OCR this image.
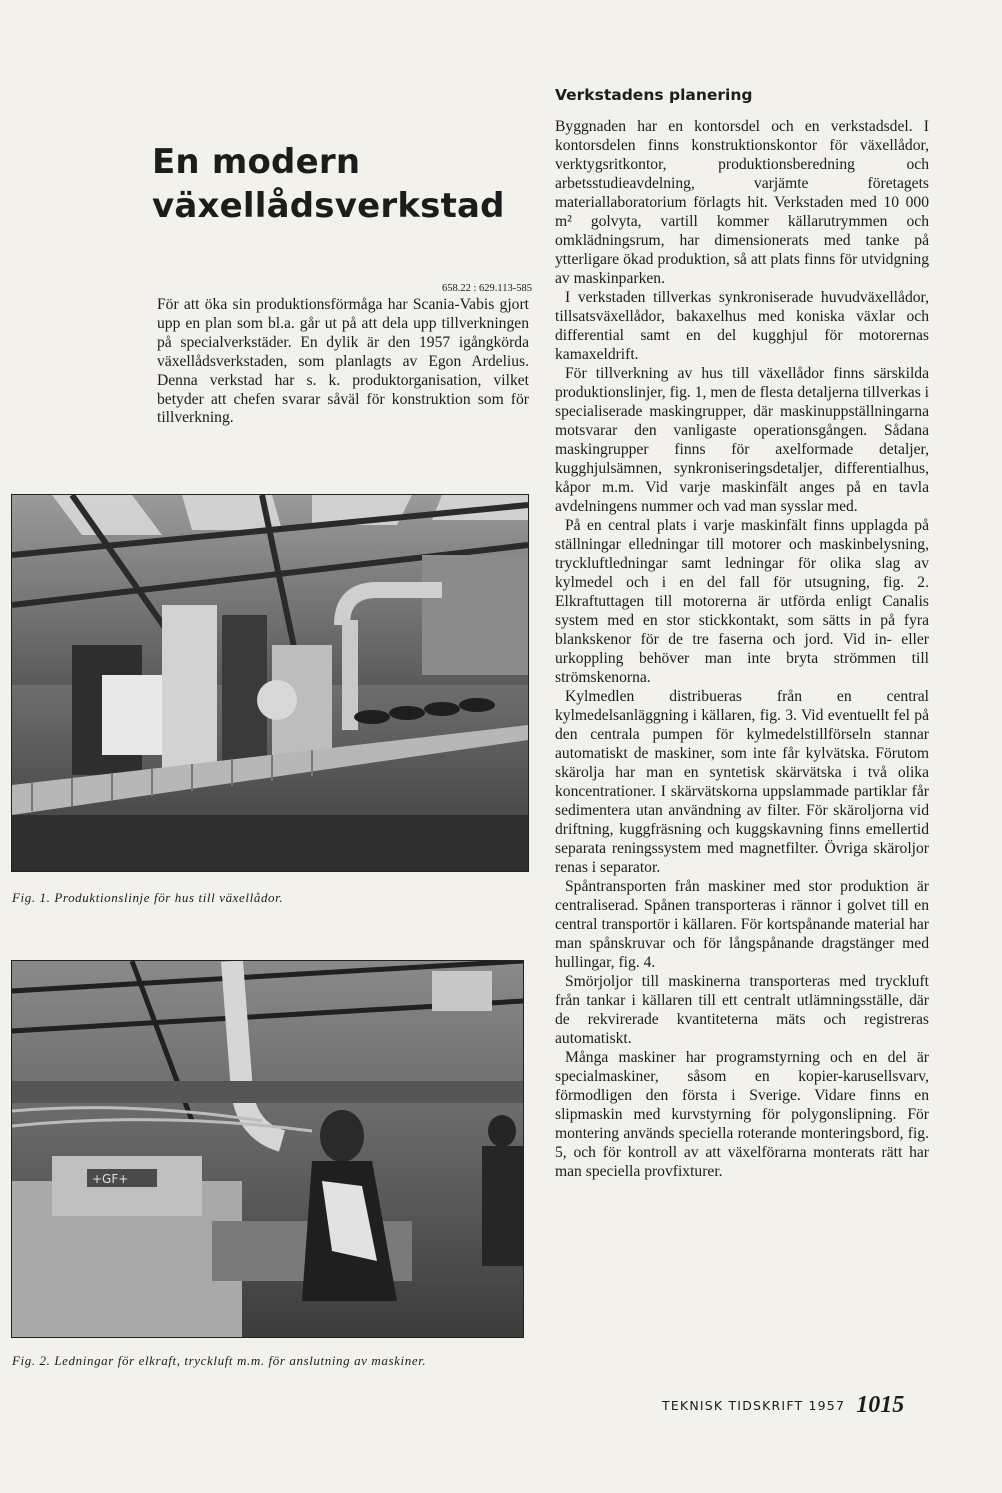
En modern
växellådsverkstad
658.22 : 629.113-585

För att öka sin produktionsförmåga har Scania-Vabis gjort upp en plan som bl.a. går ut på att dela upp tillverkningen på specialverkstäder. En dylik är den 1957 igångkörda växellådsverkstaden, som planlagts av Egon Ardelius. Denna verkstad har s. k. produktorganisation, vilket betyder att chefen svarar såväl för konstruktion som för tillverkning.

Fig. 1. Produktionslinje för hus till växellådor.
+GF+
Fig. 2. Ledningar för elkraft, tryckluft m.m. för anslutning av maskiner.
Verkstadens planering

Byggnaden har en kontorsdel och en verkstadsdel. I kontorsdelen finns konstruktionskontor för växellådor, verktygsritkontor, produktionsberedning och arbetsstudieavdelning, varjämte företagets materiallaboratorium förlagts hit. Verkstaden med 10 000 m² golvyta, vartill kommer källarutrymmen och omklädningsrum, har dimensionerats med tanke på ytterligare ökad produktion, så att plats finns för utvidgning av maskinparken.

I verkstaden tillverkas synkroniserade huvudväxellådor, tillsatsväxellådor, bakaxelhus med koniska växlar och differential samt en del kugghjul för motorernas kamaxeldrift.

För tillverkning av hus till växellådor finns särskilda produktionslinjer, fig. 1, men de flesta detaljerna tillverkas i specialiserade maskingrupper, där maskinuppställningarna motsvarar den vanligaste operationsgången. Sådana maskingrupper finns för axelformade detaljer, kugghjulsämnen, synkroniseringsdetaljer, differentialhus, kåpor m.m. Vid varje maskinfält anges på en tavla avdelningens nummer och vad man sysslar med.

På en central plats i varje maskinfält finns upplagda på ställningar elledningar till motorer och maskinbelysning, tryckluftledningar samt ledningar för olika slag av kylmedel och i en del fall för utsugning, fig. 2. Elkraftuttagen till motorerna är utförda enligt Canalis system med en stor stickkontakt, som sätts in på fyra blankskenor för de tre faserna och jord. Vid in- eller urkoppling behöver man inte bryta strömmen till strömskenorna.

Kylmedlen distribueras från en central kylmedelsanläggning i källaren, fig. 3. Vid eventuellt fel på den centrala pumpen för kylmedelstillförseln stannar automatiskt de maskiner, som inte får kylvätska. Förutom skärolja har man en syntetisk skärvätska i två olika koncentrationer. I skärvätskorna uppslammade partiklar får sedimentera utan användning av filter. För skäroljorna vid driftning, kuggfräsning och kuggskavning finns emellertid separata reningssystem med magnetfilter. Övriga skäroljor renas i separator.

Spåntransporten från maskiner med stor produktion är centraliserad. Spånen transporteras i rännor i golvet till en central transportör i källaren. För kortspånande material har man spånskruvar och för långspånande dragstänger med hullingar, fig. 4.

Smörjoljor till maskinerna transporteras med tryckluft från tankar i källaren till ett centralt utlämningsställe, där de rekvirerade kvantiteterna mäts och registreras automatiskt.

Många maskiner har programstyrning och en del är specialmaskiner, såsom en kopier-karusellsvarv, förmodligen den första i Sverige. Vidare finns en slipmaskin med kurvstyrning för polygonslipning. För montering används speciella roterande monteringsbord, fig. 5, och för kontroll av att växelförarna monterats rätt har man speciella provfixturer.

TEKNISK TIDSKRIFT 1957 1015
